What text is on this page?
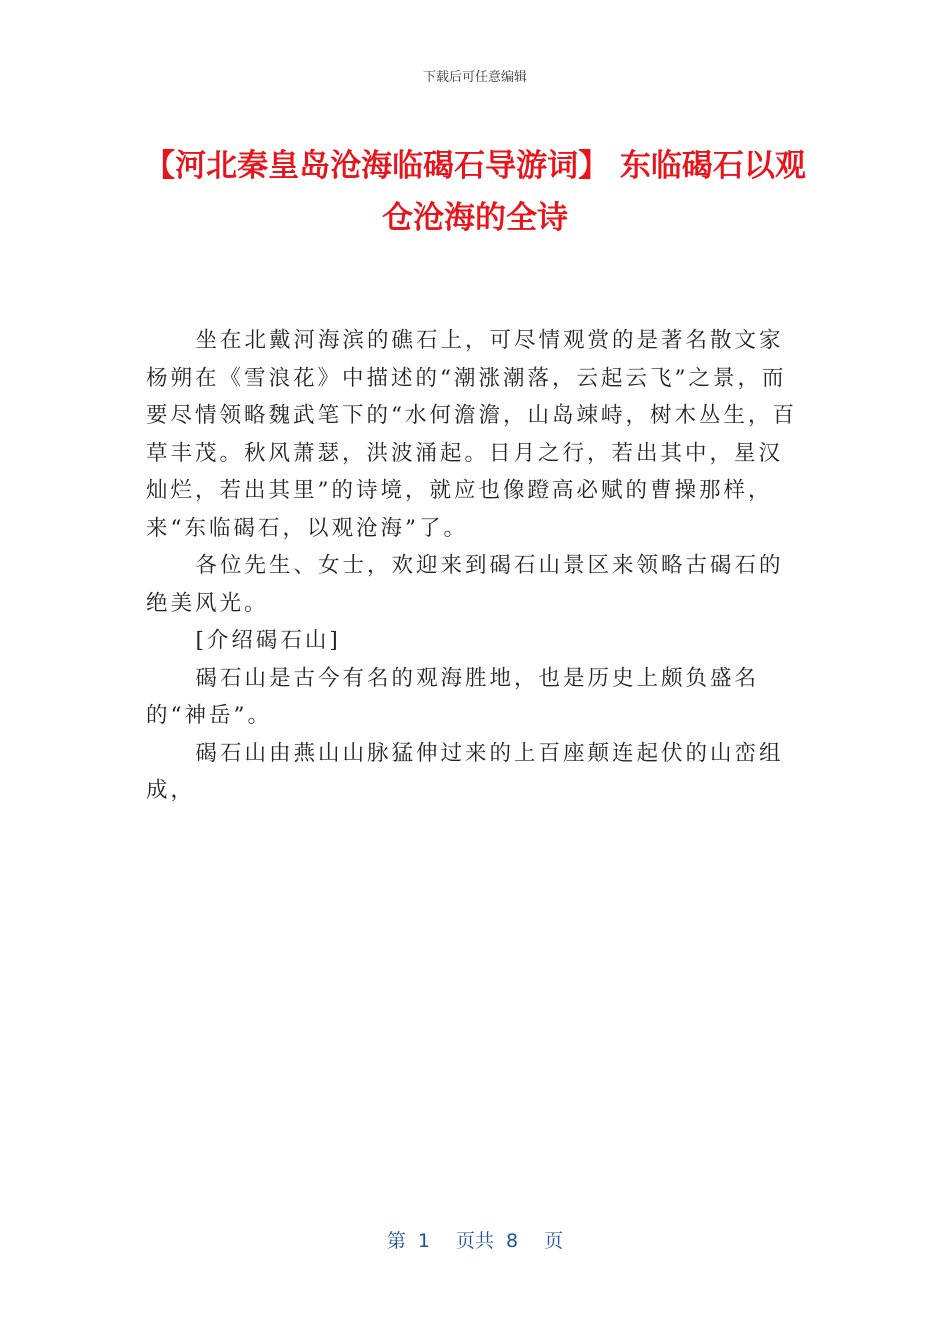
下载后可任意编辑
【河北秦皇岛沧海临碣石导游词】 东临碣石以观仓沧海的全诗

坐在北戴河海滨的礁石上，可尽情观赏的是著名散文家杨朔在《雪浪花》中描述的“潮涨潮落，云起云飞”之景，而要尽情领略魏武笔下的“水何澹澹，山岛竦峙，树木丛生，百草丰茂。秋风萧瑟，洪波涌起。日月之行，若出其中，星汉灿烂，若出其里”的诗境，就应也像蹬高必赋的曹操那样，来“东临碣石，以观沧海”了。

各位先生、女士，欢迎来到碣石山景区来领略古碣石的绝美风光。

[介绍碣石山]

碣石山是古今有名的观海胜地，也是历史上颇负盛名的“神岳”。

碣石山由燕山山脉猛伸过来的上百座颠连起伏的山峦组成，

第 1 页共 8 页
